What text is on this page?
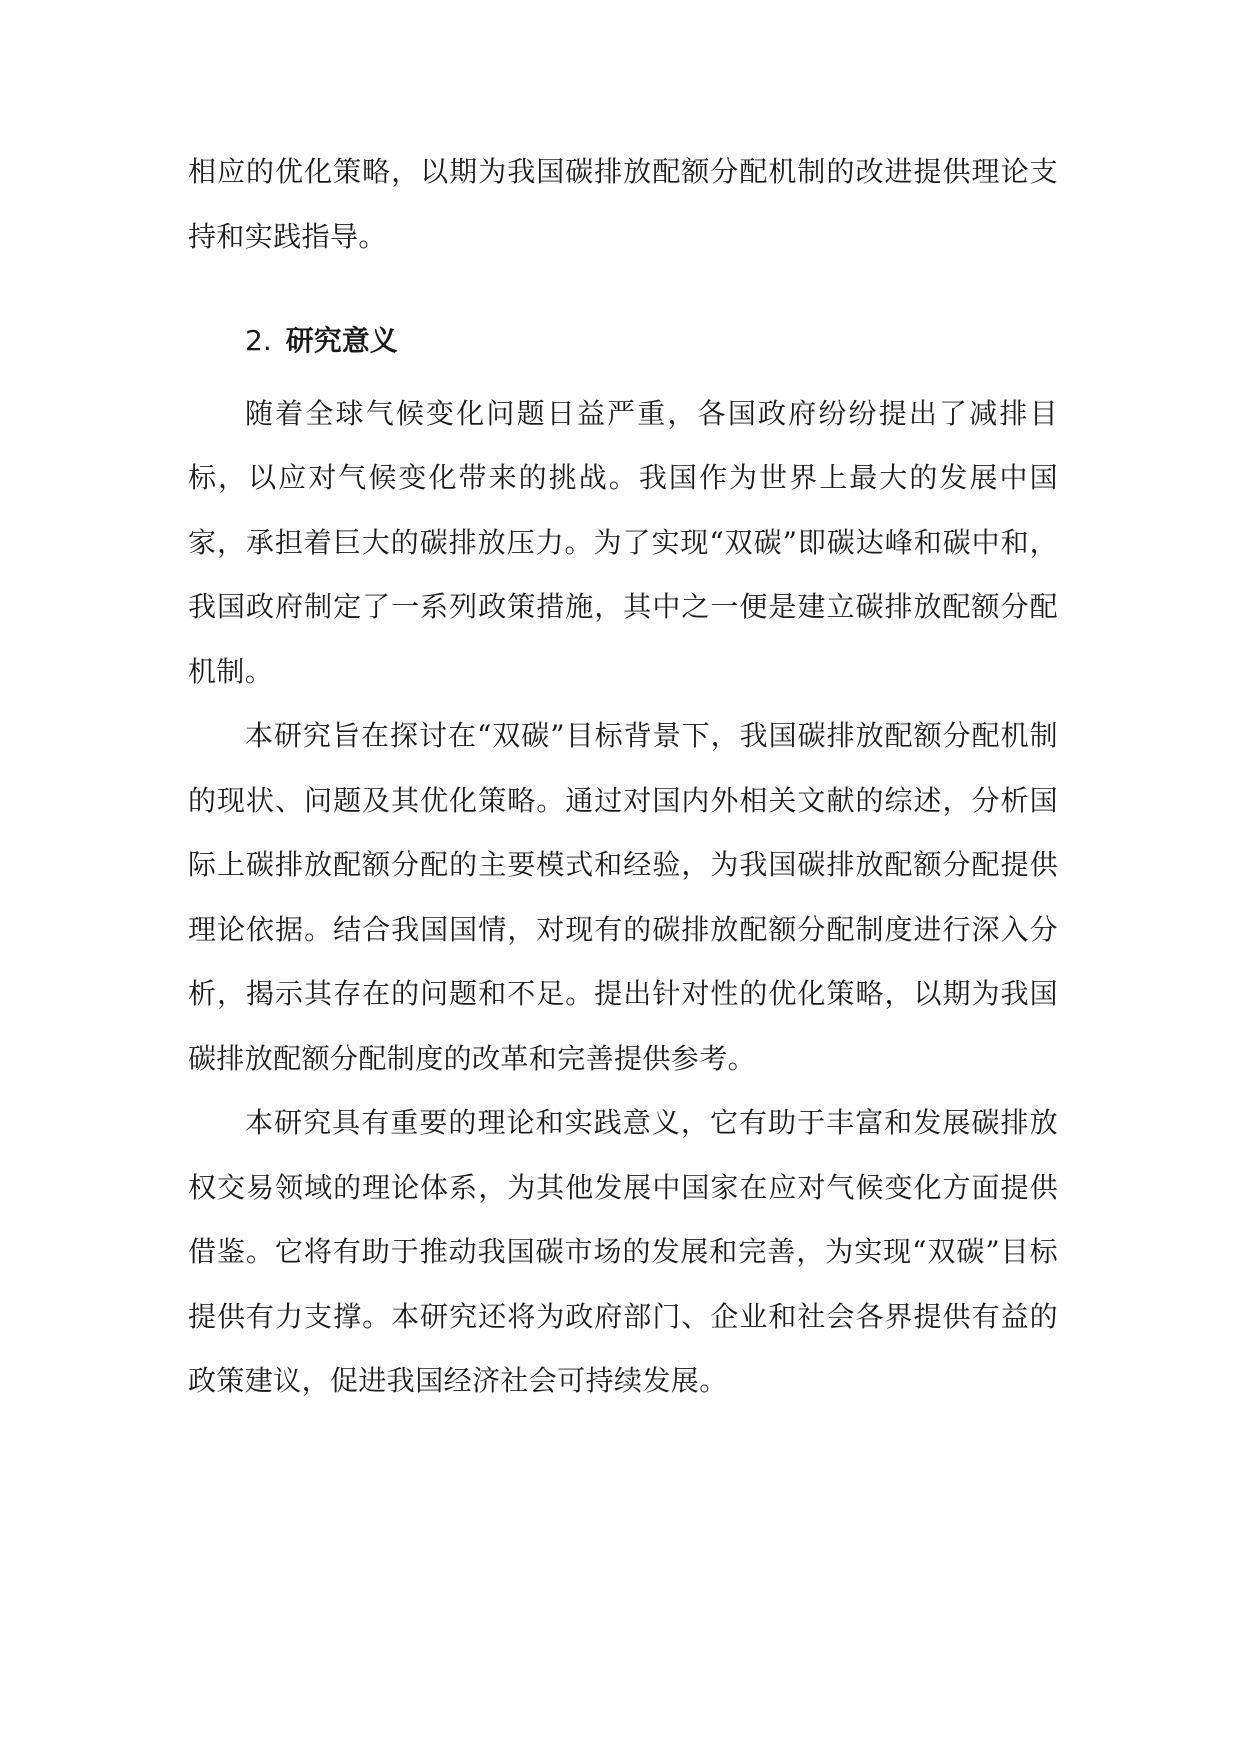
相应的优化策略，以期为我国碳排放配额分配机制的改进提供理论支持和实践指导。

2. 研究意义

随着全球气候变化问题日益严重，各国政府纷纷提出了减排目标，以应对气候变化带来的挑战。我国作为世界上最大的发展中国家，承担着巨大的碳排放压力。为了实现“双碳”即碳达峰和碳中和，我国政府制定了一系列政策措施，其中之一便是建立碳排放配额分配机制。

本研究旨在探讨在“双碳”目标背景下，我国碳排放配额分配机制的现状、问题及其优化策略。通过对国内外相关文献的综述，分析国际上碳排放配额分配的主要模式和经验，为我国碳排放配额分配提供理论依据。结合我国国情，对现有的碳排放配额分配制度进行深入分析，揭示其存在的问题和不足。提出针对性的优化策略，以期为我国碳排放配额分配制度的改革和完善提供参考。

本研究具有重要的理论和实践意义，它有助于丰富和发展碳排放权交易领域的理论体系，为其他发展中国家在应对气候变化方面提供借鉴。它将有助于推动我国碳市场的发展和完善，为实现“双碳”目标提供有力支撑。本研究还将为政府部门、企业和社会各界提供有益的政策建议，促进我国经济社会可持续发展。
